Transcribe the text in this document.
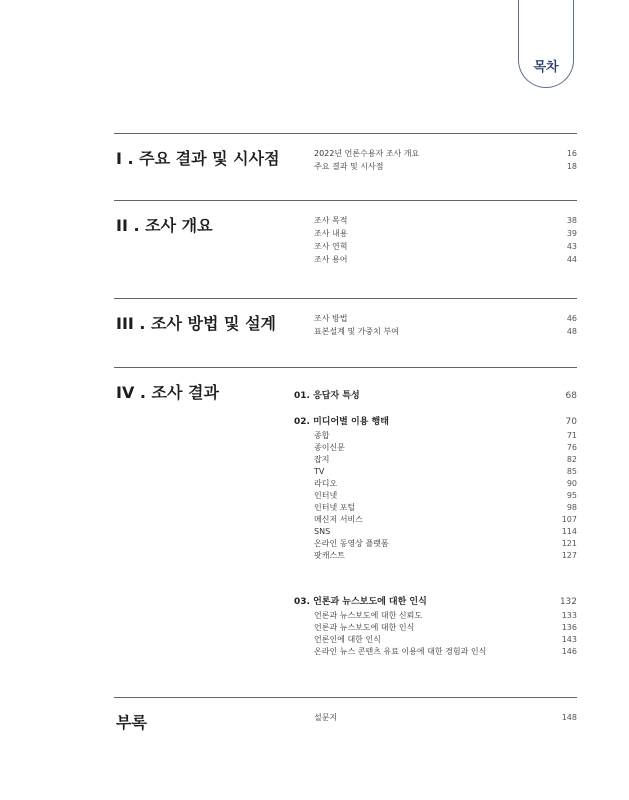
목차
I . 주요 결과 및 시사점	2022년 언론수용자 조사 개요	16
주요 결과 및 시사점	18
II . 조사 개요	조사 목적	38
조사 내용	39
조사 연혁	43
조사 용어	44
III . 조사 방법 및 설계	조사 방법	46
표본설계 및 가중치 부여	48
IV . 조사 결과	01. 응답자 특성	68
02. 미디어별 이용 행태	70
종합	71
종이신문	76
잡지	82
TV	85
라디오	90
인터넷	95
인터넷 포털	98
메신저 서비스	107
SNS	114
온라인 동영상 플랫폼	121
팟캐스트	127
03. 언론과 뉴스보도에 대한 인식	132
언론과 뉴스보도에 대한 신뢰도	133
언론과 뉴스보도에 대한 인식	136
언론인에 대한 인식	143
온라인 뉴스 콘텐츠 유료 이용에 대한 경험과 인식	146
부록	설문지	148
